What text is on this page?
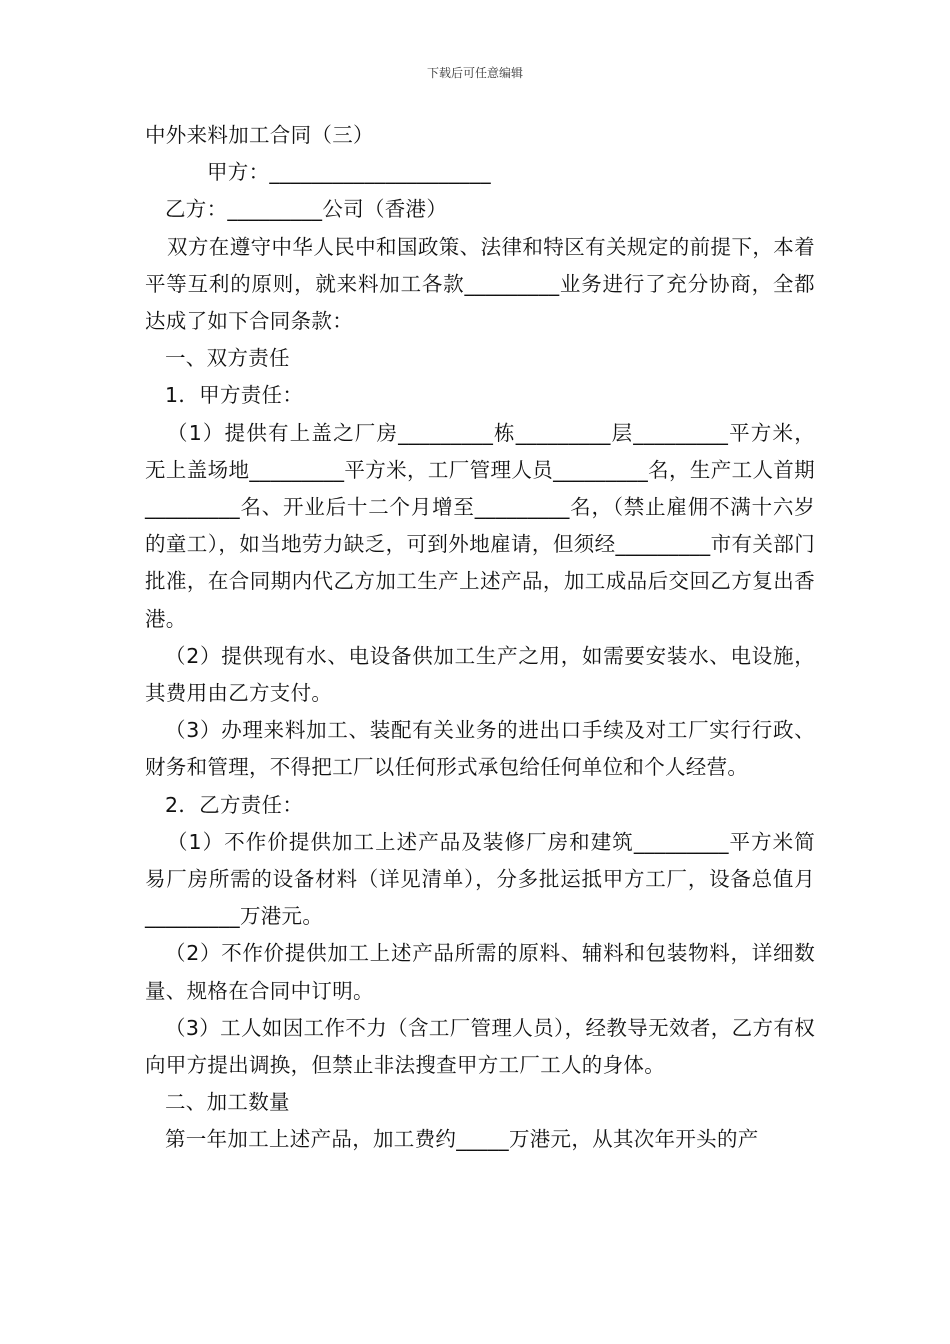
下载后可任意编辑
中外来料加工合同（三）
甲方：_____________________
乙方：_________公司（香港）
双方在遵守中华人民中和国政策、法律和特区有关规定的前提下，本着平等互利的原则，就来料加工各款_________业务进行了充分协商，全都达成了如下合同条款：
一、双方责任
1．甲方责任：
（1）提供有上盖之厂房_________栋_________层_________平方米，无上盖场地_________平方米，工厂管理人员_________名，生产工人首期_________名、开业后十二个月增至_________名，（禁止雇佣不满十六岁的童工），如当地劳力缺乏，可到外地雇请，但须经_________市有关部门批准，在合同期内代乙方加工生产上述产品，加工成品后交回乙方复出香港。
（2）提供现有水、电设备供加工生产之用，如需要安装水、电设施，其费用由乙方支付。
（3）办理来料加工、装配有关业务的进出口手续及对工厂实行行政、财务和管理，不得把工厂以任何形式承包给任何单位和个人经营。
2．乙方责任：
（1）不作价提供加工上述产品及装修厂房和建筑_________平方米简易厂房所需的设备材料（详见清单），分多批运抵甲方工厂，设备总值月_________万港元。
（2）不作价提供加工上述产品所需的原料、辅料和包装物料，详细数量、规格在合同中订明。
（3）工人如因工作不力（含工厂管理人员），经教导无效者，乙方有权向甲方提出调换，但禁止非法搜查甲方工厂工人的身体。
二、加工数量
第一年加工上述产品，加工费约_____万港元，从其次年开头的产
